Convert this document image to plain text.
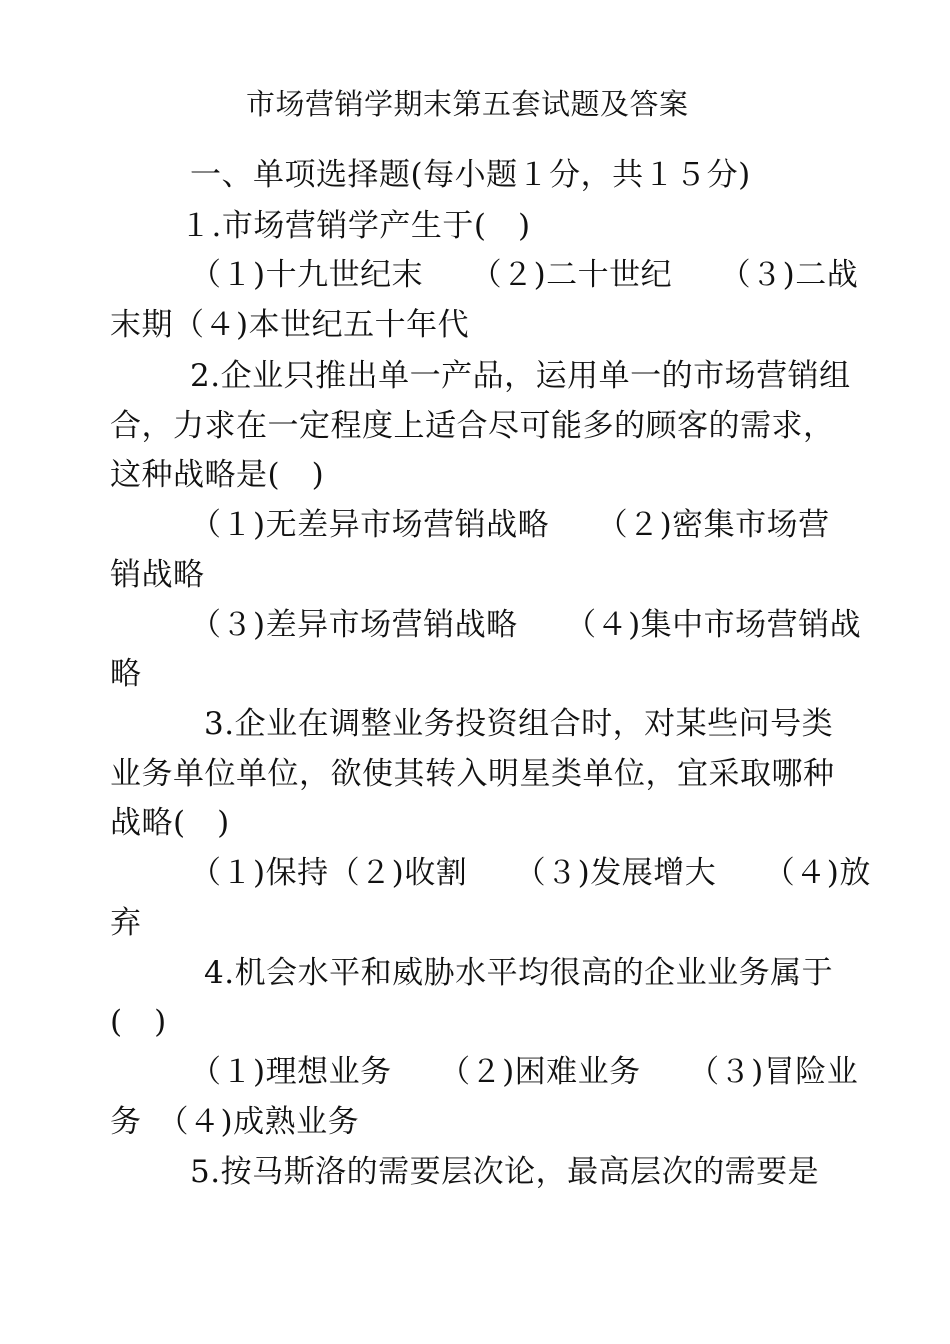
市场营销学期末第五套试题及答案
一、单项选择题(每小题１分，共１５分)
１.市场营销学产生于(　)
（１)十九世纪末　　（２)二十世纪　　（３)二战
末期（４)本世纪五十年代
2.企业只推出单一产品，运用单一的市场营销组
合，力求在一定程度上适合尽可能多的顾客的需求，
这种战略是(　)
（１)无差异市场营销战略　　（２)密集市场营
销战略
（３)差异市场营销战略　　（４)集中市场营销战
略
3.企业在调整业务投资组合时，对某些问号类
业务单位单位，欲使其转入明星类单位，宜采取哪种
战略(　)
（１)保持（２)收割　　（３)发展增大　　（４)放
弃
4.机会水平和威胁水平均很高的企业业务属于
(　)
（１)理想业务　　（２)困难业务　　（３)冒险业
务　（４)成熟业务
5.按马斯洛的需要层次论，最高层次的需要是
